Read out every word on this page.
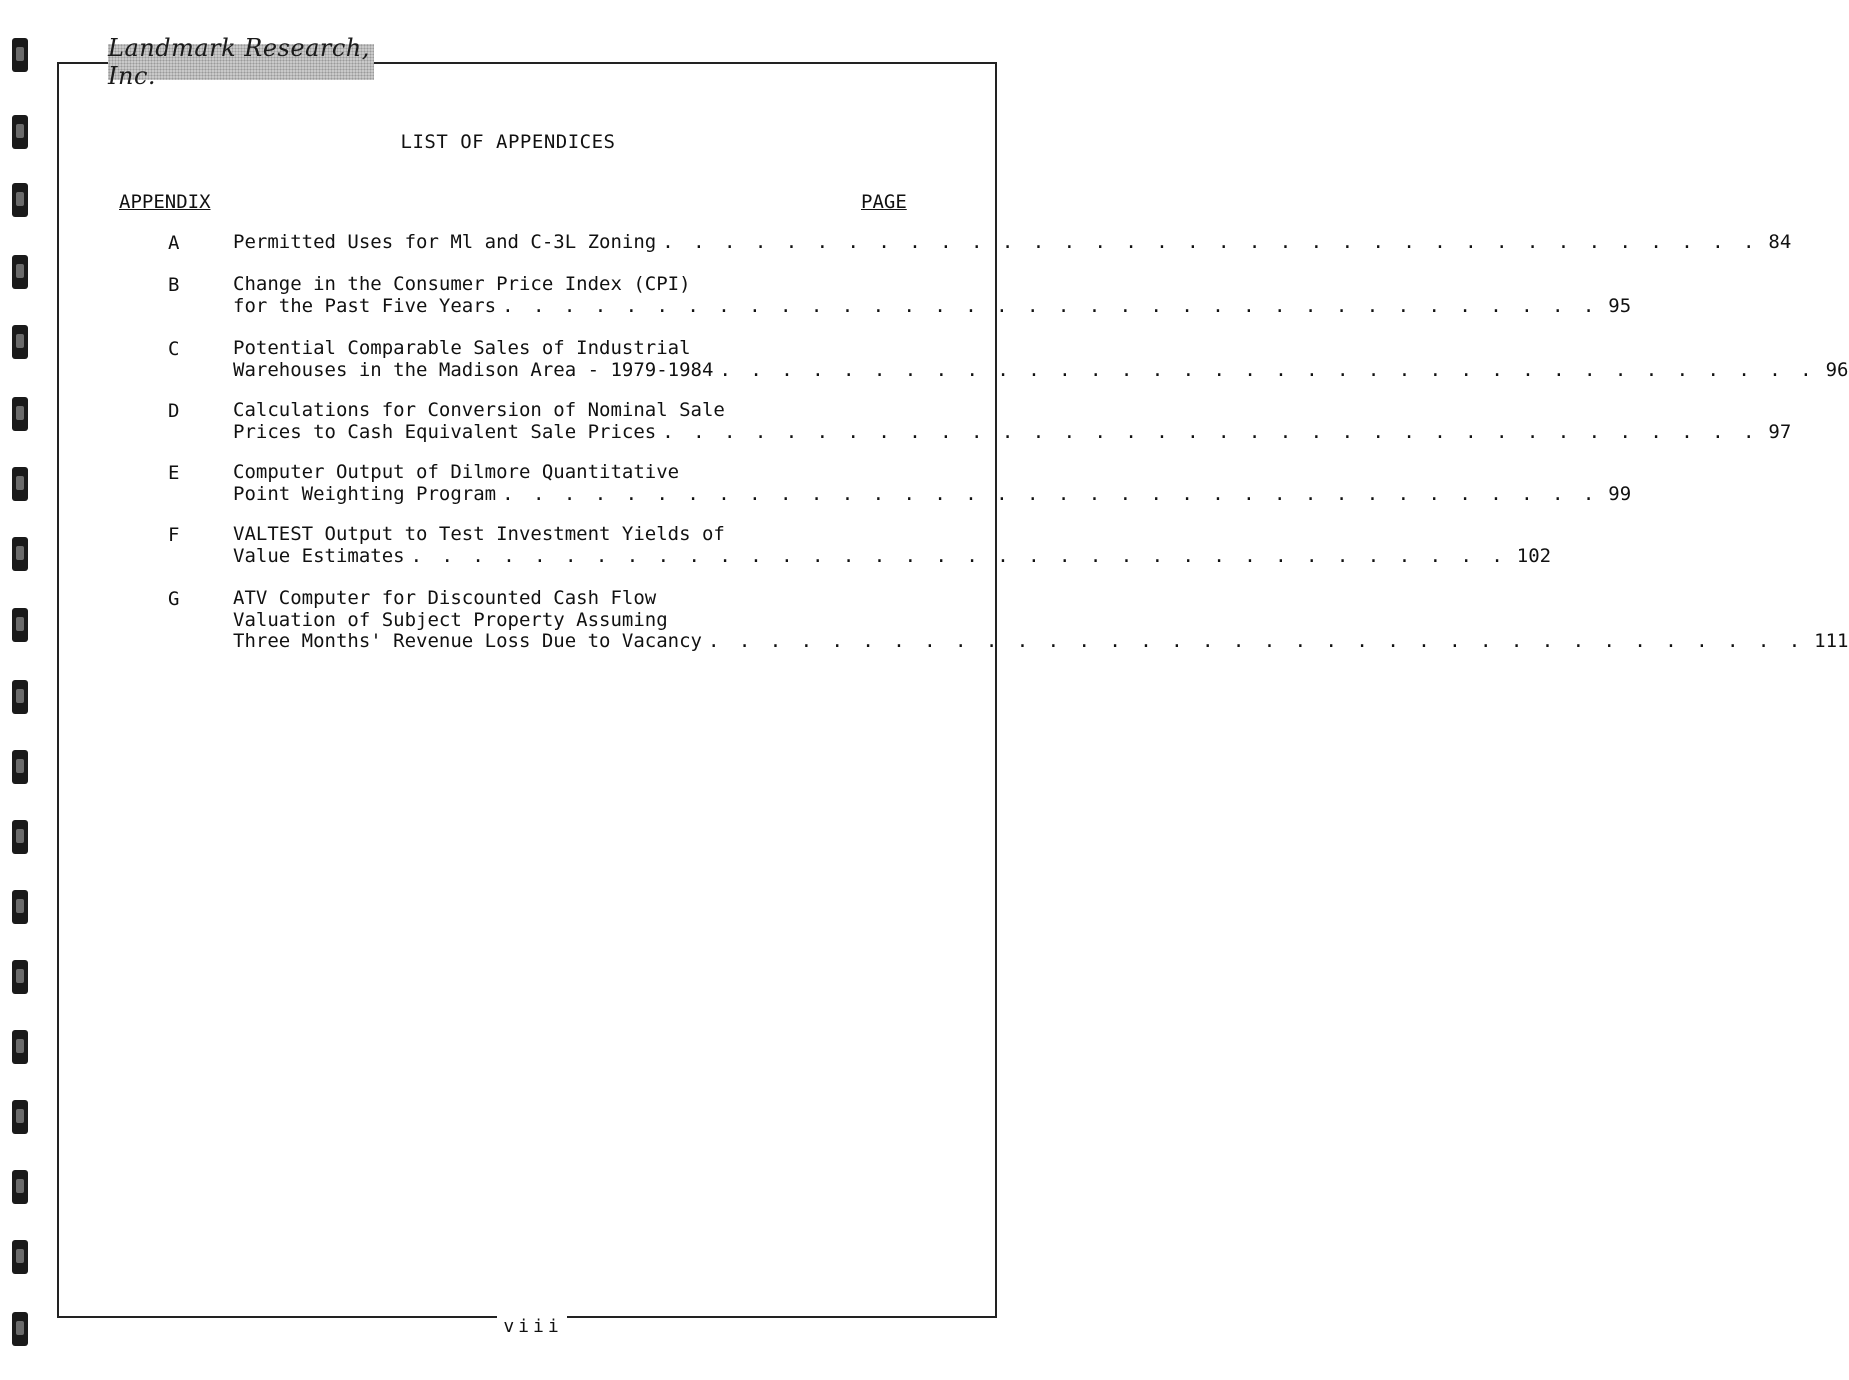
Landmark Research, Inc.
LIST OF APPENDICES
APPENDIX	PAGE
A	Permitted Uses for Ml and C-3L Zoning . . . . . . . . . . . . . . . . . . . . . . . . . . . . . . . . . . . . 84
B	Change in the Consumer Price Index (CPI)
for the Past Five Years . . . . . . . . . . . . . . . . . . . . . . . . . . . . . . . . . . . . 95
C	Potential Comparable Sales of Industrial
Warehouses in the Madison Area - 1979-1984 . . . . . . . . . . . . . . . . . . . . . . . . . . . . . . . . . . . . 96
D	Calculations for Conversion of Nominal Sale
Prices to Cash Equivalent Sale Prices . . . . . . . . . . . . . . . . . . . . . . . . . . . . . . . . . . . . 97
E	Computer Output of Dilmore Quantitative
Point Weighting Program . . . . . . . . . . . . . . . . . . . . . . . . . . . . . . . . . . . . 99
F	VALTEST Output to Test Investment Yields of
Value Estimates . . . . . . . . . . . . . . . . . . . . . . . . . . . . . . . . . . . . 102
G	ATV Computer for Discounted Cash Flow
Valuation of Subject Property Assuming
Three Months' Revenue Loss Due to Vacancy . . . . . . . . . . . . . . . . . . . . . . . . . . . . . . . . . . . . 111
viii
